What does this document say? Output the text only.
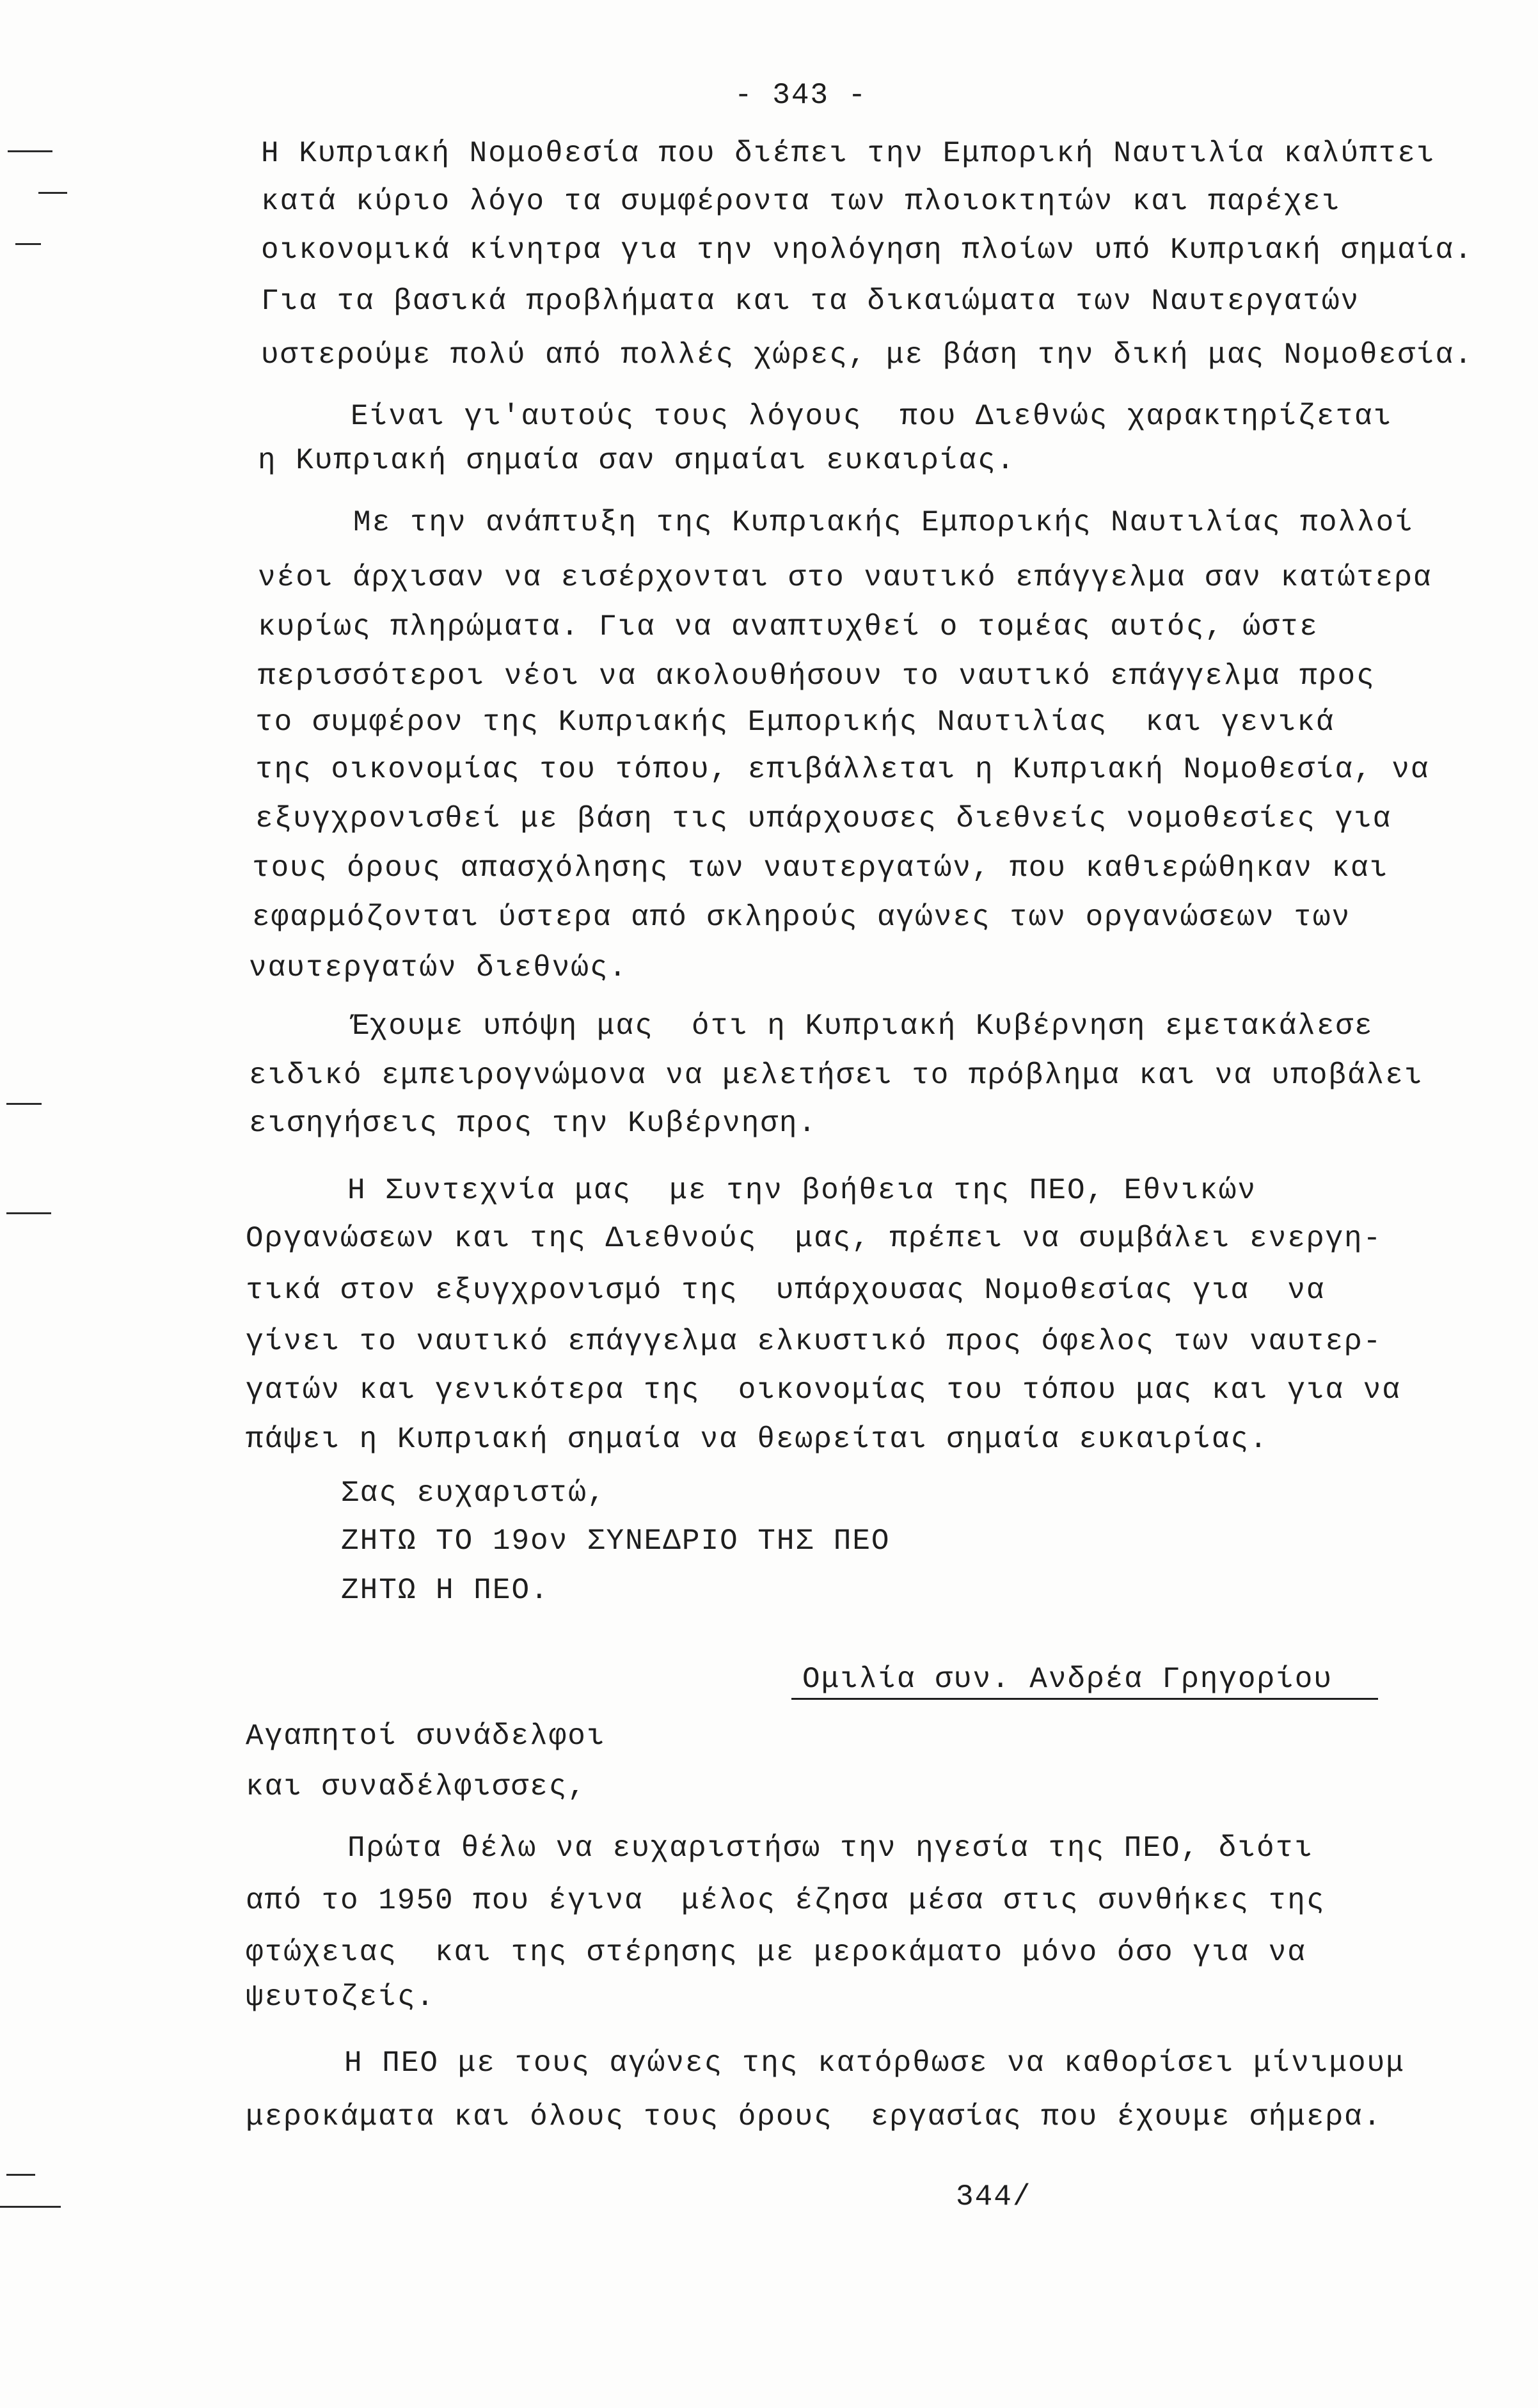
- 343 -
Η Κυπριακή Νομοθεσία που διέπει την Εμπορική Ναυτιλία καλύπτει
κατά κύριο λόγο τα συμφέροντα των πλοιοκτητών και παρέχει
οικονομικά κίνητρα για την νηολόγηση πλοίων υπό Κυπριακή σημαία.
Για τα βασικά προβλήματα και τα δικαιώματα των Ναυτεργατών
υστερούμε πολύ από πολλές χώρες, με βάση την δική μας Νομοθεσία.
Είναι γι'αυτούς τους λόγους  που Διεθνώς χαρακτηρίζεται
η Κυπριακή σημαία σαν σημαίαι ευκαιρίας.
Με την ανάπτυξη της Κυπριακής Εμπορικής Ναυτιλίας πολλοί
νέοι άρχισαν να εισέρχονται στο ναυτικό επάγγελμα σαν κατώτερα
κυρίως πληρώματα. Για να αναπτυχθεί ο τομέας αυτός, ώστε
περισσότεροι νέοι να ακολουθήσουν το ναυτικό επάγγελμα προς
το συμφέρον της Κυπριακής Εμπορικής Ναυτιλίας  και γενικά
της οικονομίας του τόπου, επιβάλλεται η Κυπριακή Νομοθεσία, να
εξυγχρονισθεί με βάση τις υπάρχουσες διεθνείς νομοθεσίες για
τους όρους απασχόλησης των ναυτεργατών, που καθιερώθηκαν και
εφαρμόζονται ύστερα από σκληρούς αγώνες των οργανώσεων των
ναυτεργατών διεθνώς.
Έχουμε υπόψη μας  ότι η Κυπριακή Κυβέρνηση εμετακάλεσε
ειδικό εμπειρογνώμονα να μελετήσει το πρόβλημα και να υποβάλει
εισηγήσεις προς την Κυβέρνηση.
Η Συντεχνία μας  με την βοήθεια της ΠΕΟ, Εθνικών
Οργανώσεων και της Διεθνούς  μας, πρέπει να συμβάλει ενεργη-
τικά στον εξυγχρονισμό της  υπάρχουσας Νομοθεσίας για  να
γίνει το ναυτικό επάγγελμα ελκυστικό προς όφελος των ναυτερ-
γατών και γενικότερα της  οικονομίας του τόπου μας και για να
πάψει η Κυπριακή σημαία να θεωρείται σημαία ευκαιρίας.
Σας ευχαριστώ,
ΖΗΤΩ ΤΟ 19ον ΣΥΝΕΔΡΙΟ ΤΗΣ ΠΕΟ
ΖΗΤΩ Η ΠΕΟ.
Ομιλία συν. Ανδρέα Γρηγορίου
Αγαπητοί συνάδελφοι
και συναδέλφισσες,
Πρώτα θέλω να ευχαριστήσω την ηγεσία της ΠΕΟ, διότι
από το 1950 που έγινα  μέλος έζησα μέσα στις συνθήκες της
φτώχειας  και της στέρησης με μεροκάματο μόνο όσο για να
ψευτοζείς.
Η ΠΕΟ με τους αγώνες της κατόρθωσε να καθορίσει μίνιμουμ
μεροκάματα και όλους τους όρους  εργασίας που έχουμε σήμερα.
344/
